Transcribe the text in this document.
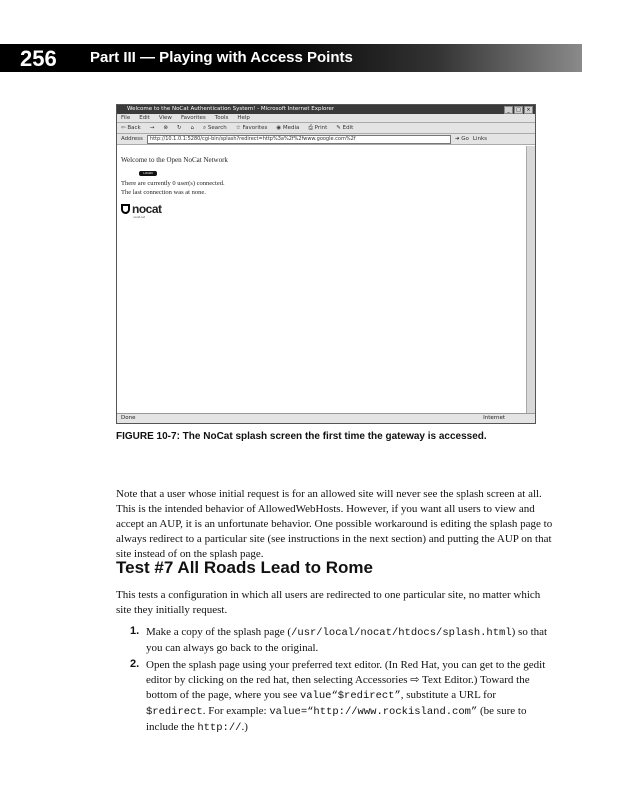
256 Part III — Playing with Access Points
Welcome to the NoCat Authentication System! - Microsoft Internet Explorer	_	□	×
File Edit View Favorites Tools Help
⇦ Back → ⊗ ↻ ⌂ ⌕ Search ☆ Favorites ◉ Media ⎙ Print ✎ Edit
Address	http://10.1.0.1:5280/cgi-bin/splash?redirect=http%3a%2f%2fwww.google.com%2f	➜ Go Links
Welcome to the Open NoCat Network
LOGIN
There are currently 0 user(s) connected.
The last connection was at none.
nocat
nocat.net
Done	Internet
FIGURE 10-7: The NoCat splash screen the first time the gateway is accessed.

Note that a user whose initial request is for an allowed site will never see the splash screen at all. This is the intended behavior of AllowedWebHosts. However, if you want all users to view and accept an AUP, it is an unfortunate behavior. One possible workaround is editing the splash page to always redirect to a particular site (see instructions in the next section) and putting the AUP on that site instead of on the splash page.

Test #7 All Roads Lead to Rome

This tests a configuration in which all users are redirected to one particular site, no matter which site they initially request.

1. Make a copy of the splash page (/usr/local/nocat/htdocs/splash.html) so that you can always go back to the original.
2. Open the splash page using your preferred text editor. (In Red Hat, you can get to the gedit editor by clicking on the red hat, then selecting Accessories ⇨ Text Editor.) Toward the bottom of the page, where you see value“$redirect”, substitute a URL for $redirect. For example: value=“http://www.rockisland.com” (be sure to include the http://.)
